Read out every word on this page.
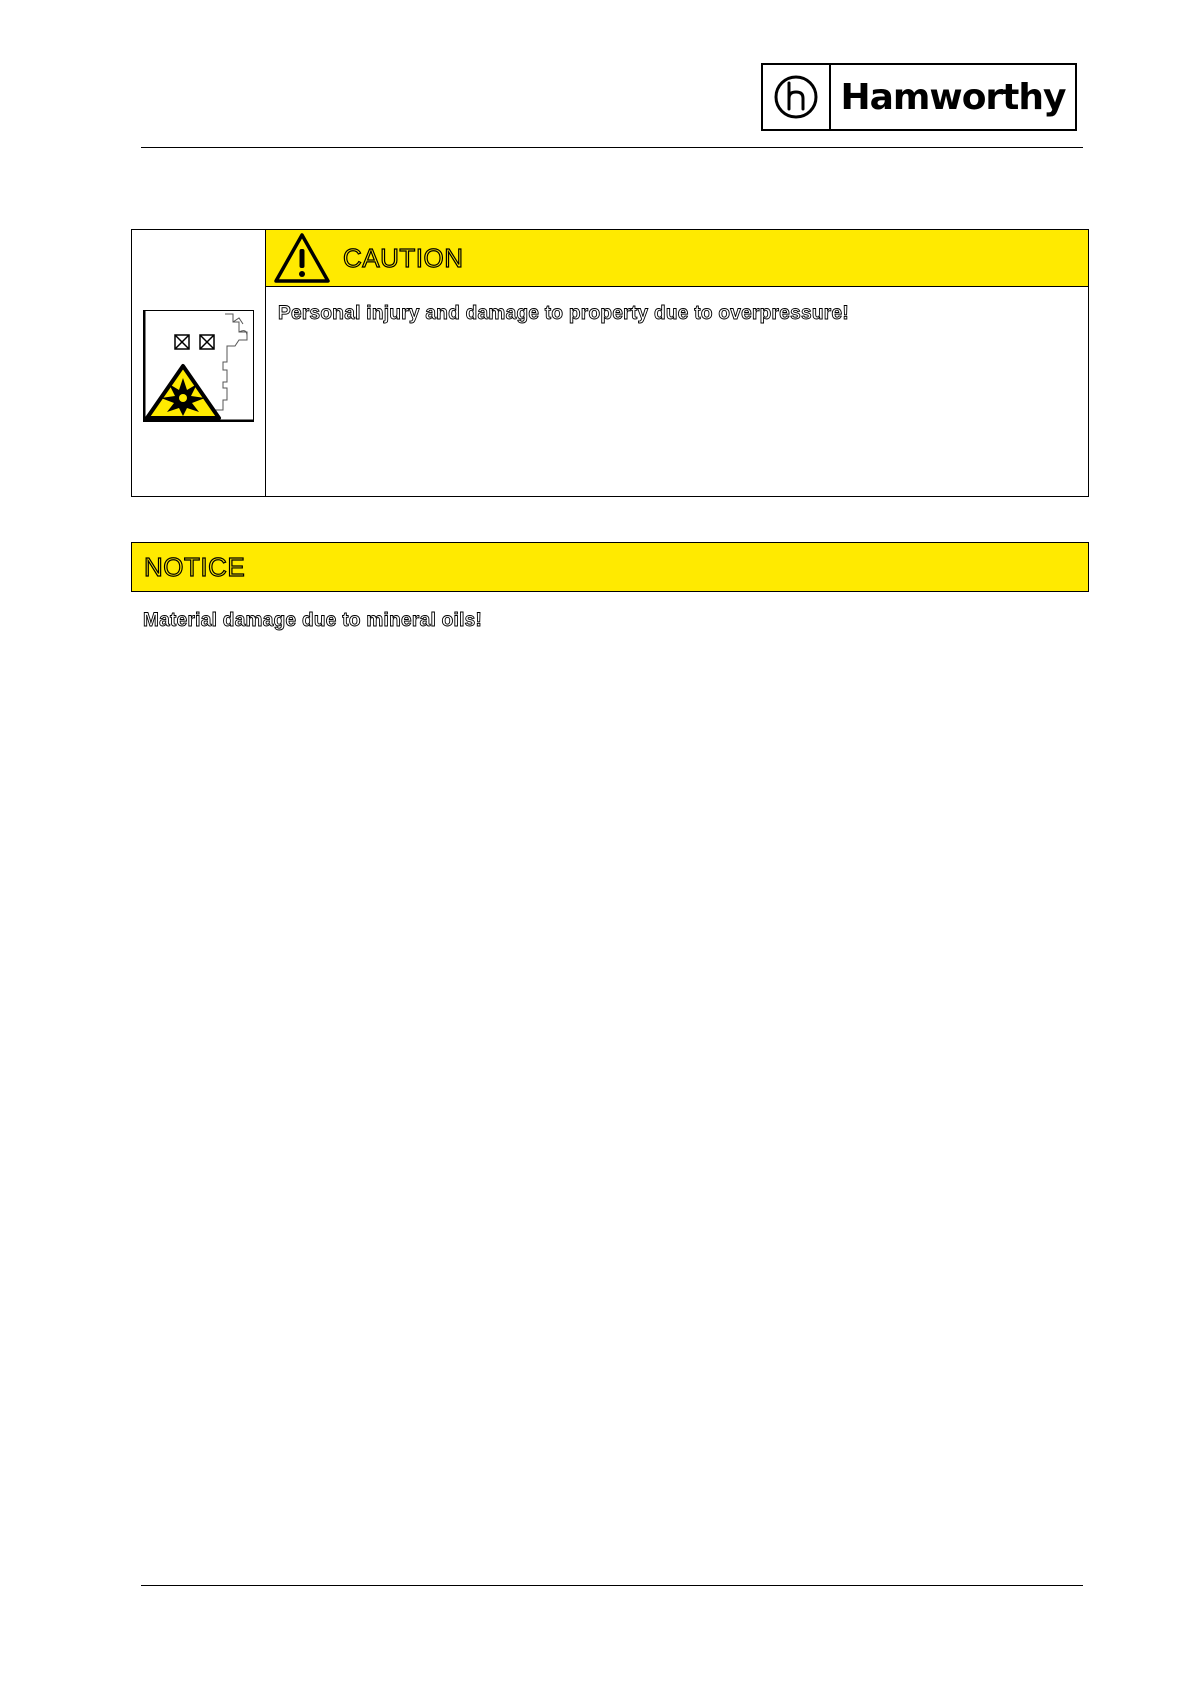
Hamworthy
CAUTION
Personal injury and damage to property due to overpressure!
NOTICE
Material damage due to mineral oils!
